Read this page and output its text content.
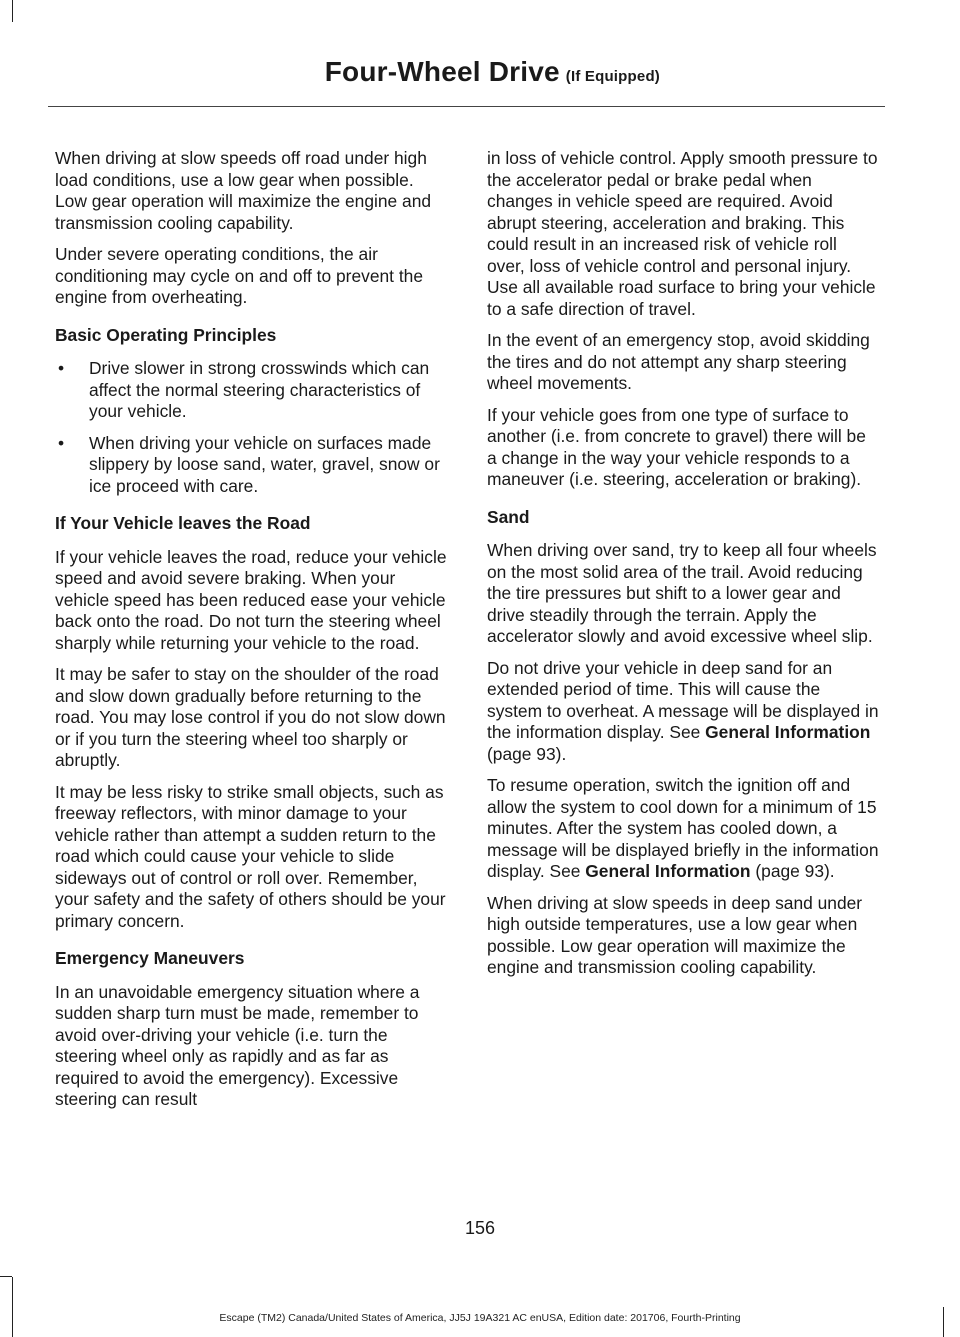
Four-Wheel Drive (If Equipped)

When driving at slow speeds off road under high load conditions, use a low gear when possible. Low gear operation will maximize the engine and transmission cooling capability.

Under severe operating conditions, the air conditioning may cycle on and off to prevent the engine from overheating.

Basic Operating Principles
• Drive slower in strong crosswinds which can affect the normal steering characteristics of your vehicle.
• When driving your vehicle on surfaces made slippery by loose sand, water, gravel, snow or ice proceed with care.
If Your Vehicle leaves the Road

If your vehicle leaves the road, reduce your vehicle speed and avoid severe braking. When your vehicle speed has been reduced ease your vehicle back onto the road. Do not turn the steering wheel sharply while returning your vehicle to the road.

It may be safer to stay on the shoulder of the road and slow down gradually before returning to the road. You may lose control if you do not slow down or if you turn the steering wheel too sharply or abruptly.

It may be less risky to strike small objects, such as freeway reflectors, with minor damage to your vehicle rather than attempt a sudden return to the road which could cause your vehicle to slide sideways out of control or roll over. Remember, your safety and the safety of others should be your primary concern.

Emergency Maneuvers

In an unavoidable emergency situation where a sudden sharp turn must be made, remember to avoid over-driving your vehicle (i.e. turn the steering wheel only as rapidly and as far as required to avoid the emergency). Excessive steering can result

in loss of vehicle control. Apply smooth pressure to the accelerator pedal or brake pedal when changes in vehicle speed are required. Avoid abrupt steering, acceleration and braking. This could result in an increased risk of vehicle roll over, loss of vehicle control and personal injury. Use all available road surface to bring your vehicle to a safe direction of travel.

In the event of an emergency stop, avoid skidding the tires and do not attempt any sharp steering wheel movements.

If your vehicle goes from one type of surface to another (i.e. from concrete to gravel) there will be a change in the way your vehicle responds to a maneuver (i.e. steering, acceleration or braking).

Sand

When driving over sand, try to keep all four wheels on the most solid area of the trail. Avoid reducing the tire pressures but shift to a lower gear and drive steadily through the terrain. Apply the accelerator slowly and avoid excessive wheel slip.

Do not drive your vehicle in deep sand for an extended period of time. This will cause the system to overheat. A message will be displayed in the information display. See General Information (page 93).

To resume operation, switch the ignition off and allow the system to cool down for a minimum of 15 minutes. After the system has cooled down, a message will be displayed briefly in the information display. See General Information (page 93).

When driving at slow speeds in deep sand under high outside temperatures, use a low gear when possible. Low gear operation will maximize the engine and transmission cooling capability.

156
Escape (TM2) Canada/United States of America, JJ5J 19A321 AC enUSA, Edition date: 201706, Fourth-Printing
